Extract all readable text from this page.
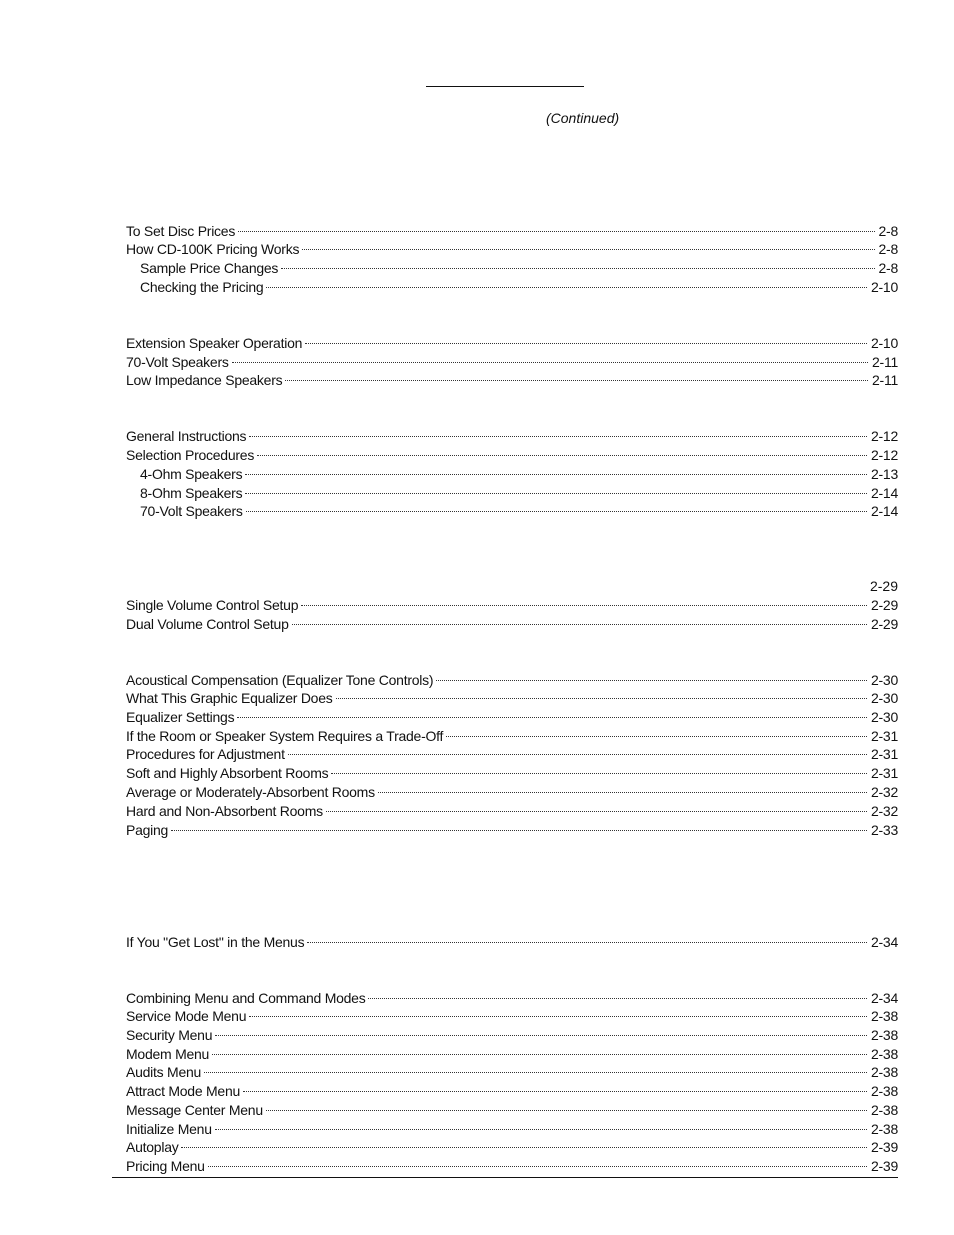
(Continued)
To Set Disc Prices	2-8
How CD-100K Pricing Works	2-8
Sample Price Changes	2-8
Checking the Pricing	2-10
Extension Speaker Operation	2-10
70-Volt Speakers	2-11
Low Impedance Speakers	2-11
General Instructions	2-12
Selection Procedures	2-12
4-Ohm Speakers	2-13
8-Ohm Speakers	2-14
70-Volt Speakers	2-14
2-29
Single Volume Control Setup	2-29
Dual Volume Control Setup	2-29
Acoustical Compensation (Equalizer Tone Controls)	2-30
What This Graphic Equalizer Does	2-30
Equalizer Settings	2-30
If the Room or Speaker System Requires a Trade-Off	2-31
Procedures for Adjustment	2-31
Soft and Highly Absorbent Rooms	2-31
Average or Moderately-Absorbent Rooms	2-32
Hard and Non-Absorbent Rooms	2-32
Paging	2-33
If You "Get Lost" in the Menus	2-34
Combining Menu and Command Modes	2-34
Service Mode Menu	2-38
Security Menu	2-38
Modem Menu	2-38
Audits Menu	2-38
Attract Mode Menu	2-38
Message Center Menu	2-38
Initialize Menu	2-38
Autoplay	2-39
Pricing Menu	2-39
